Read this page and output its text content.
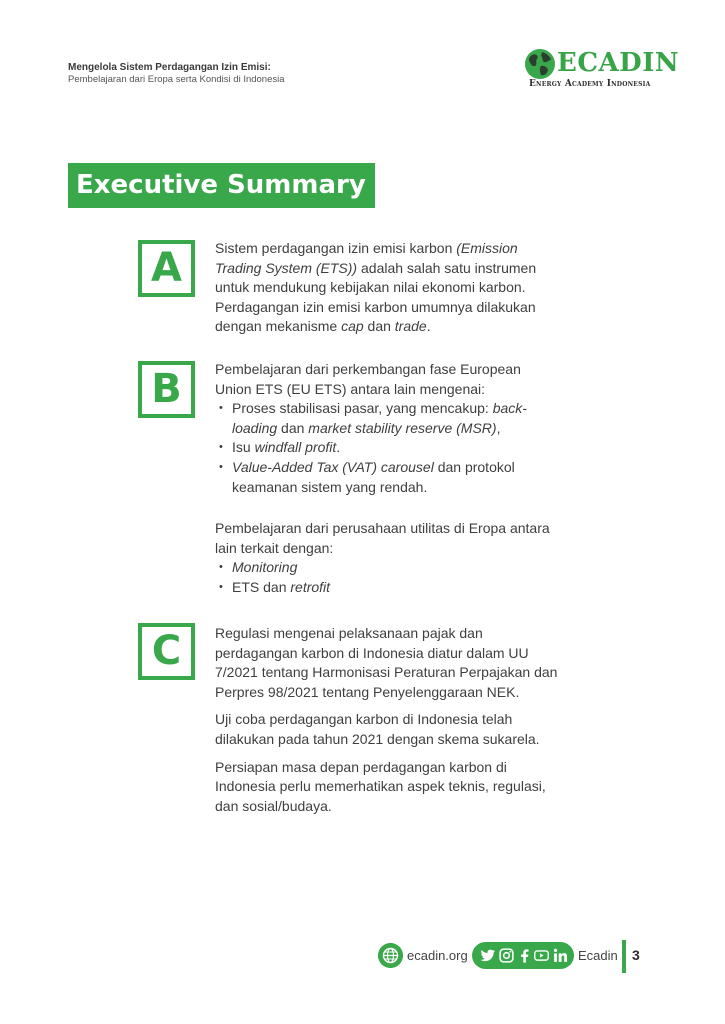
Mengelola Sistem Perdagangan Izin Emisi:
Pembelajaran dari Eropa serta Kondisi di Indonesia
ECADIN
Energy Academy Indonesia
Executive Summary
A	Sistem perdagangan izin emisi karbon (Emission Trading System (ETS)) adalah salah satu instrumen untuk mendukung kebijakan nilai ekonomi karbon. Perdagangan izin emisi karbon umumnya dilakukan dengan mekanisme cap dan trade.

B	Pembelajaran dari perkembangan fase European Union ETS (EU ETS) antara lain mengenai:

• Proses stabilisasi pasar, yang mencakup: back-loading dan market stability reserve (MSR),
• Isu windfall profit.
• Value-Added Tax (VAT) carousel dan protokol keamanan sistem yang rendah.

Pembelajaran dari perusahaan utilitas di Eropa antara lain terkait dengan:

• Monitoring
• ETS dan retrofit
C	Regulasi mengenai pelaksanaan pajak dan perdagangan karbon di Indonesia diatur dalam UU 7/2021 tentang Harmonisasi Peraturan Perpajakan dan Perpres 98/2021 tentang Penyelenggaraan NEK.

Uji coba perdagangan karbon di Indonesia telah dilakukan pada tahun 2021 dengan skema sukarela.

Persiapan masa depan perdagangan karbon di Indonesia perlu memerhatikan aspek teknis, regulasi, dan sosial/budaya.

ecadin.org	Ecadin 3
